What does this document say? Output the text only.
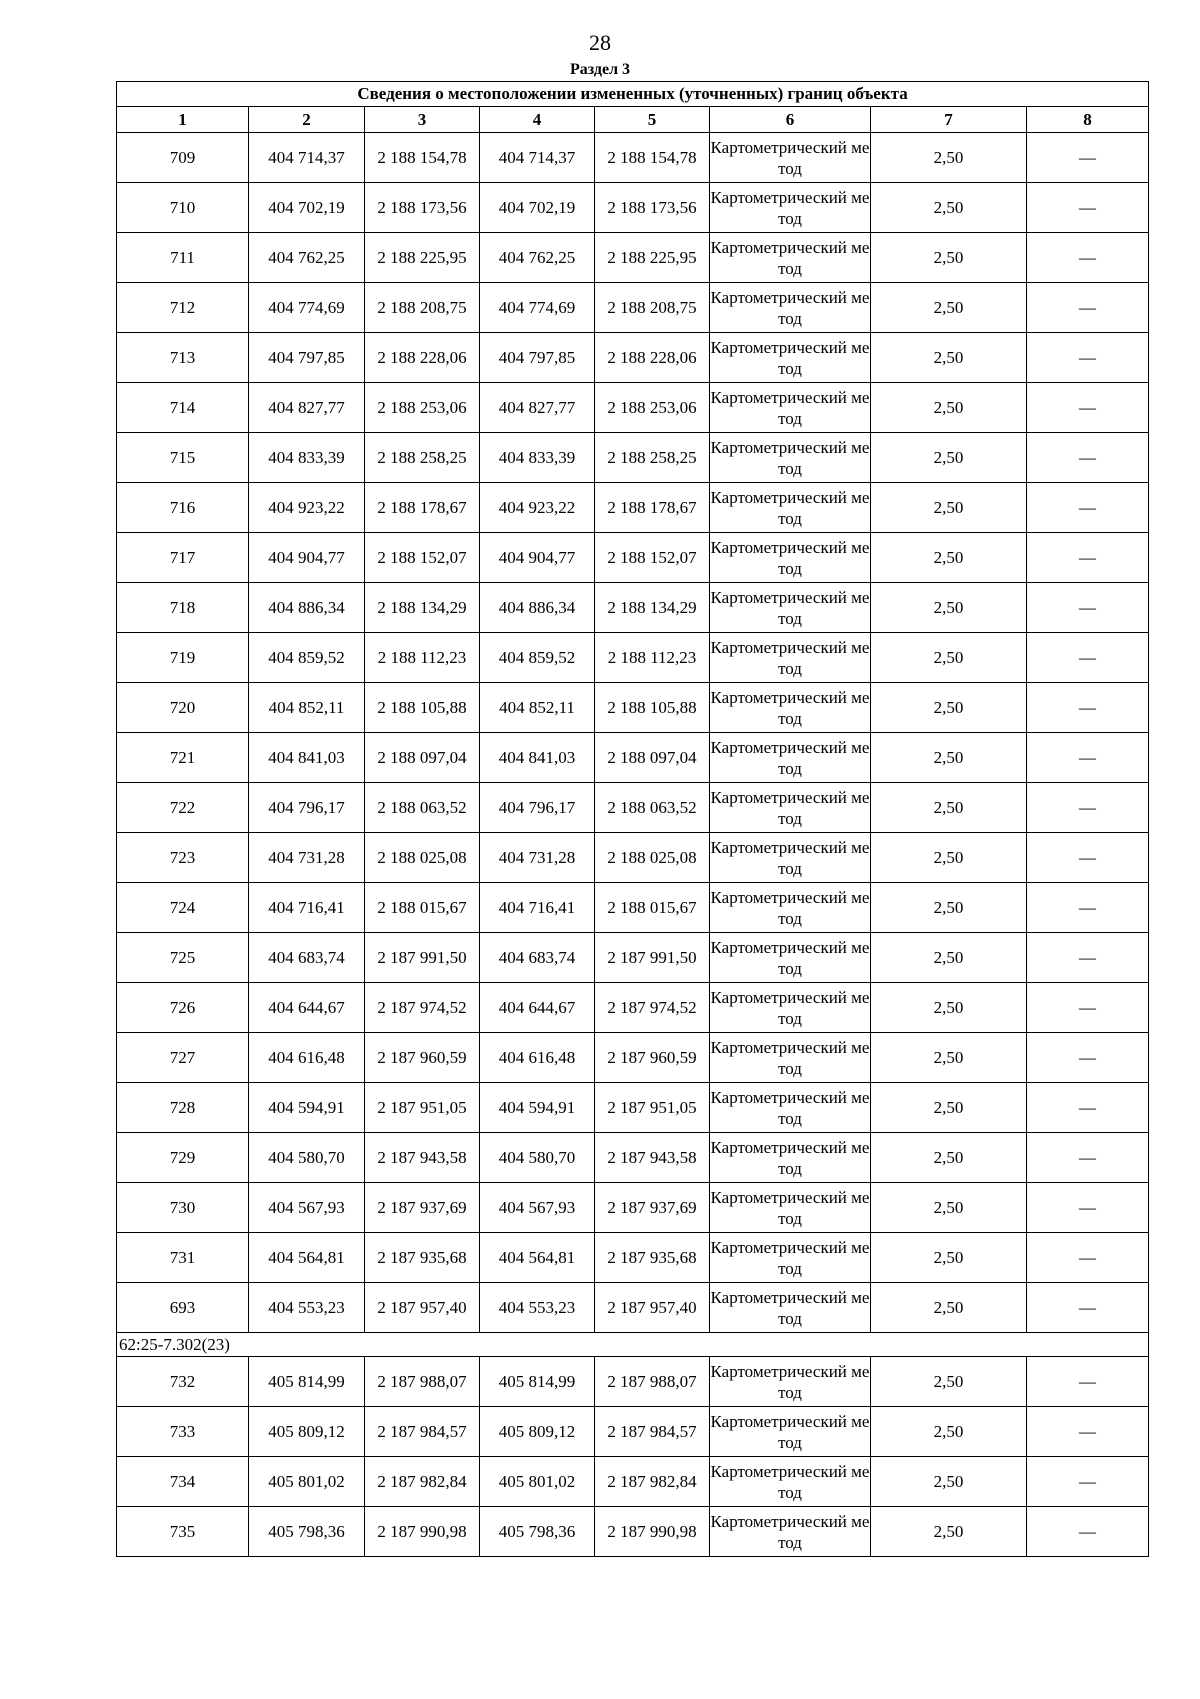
28
Раздел 3
Сведения о местоположении измененных (уточненных) границ объекта							
1	2	3	4	5	6	7	8
709	404 714,37	2 188 154,78	404 714,37	2 188 154,78	Картометрический метод	2,50	—
710	404 702,19	2 188 173,56	404 702,19	2 188 173,56	Картометрический метод	2,50	—
711	404 762,25	2 188 225,95	404 762,25	2 188 225,95	Картометрический метод	2,50	—
712	404 774,69	2 188 208,75	404 774,69	2 188 208,75	Картометрический метод	2,50	—
713	404 797,85	2 188 228,06	404 797,85	2 188 228,06	Картометрический метод	2,50	—
714	404 827,77	2 188 253,06	404 827,77	2 188 253,06	Картометрический метод	2,50	—
715	404 833,39	2 188 258,25	404 833,39	2 188 258,25	Картометрический метод	2,50	—
716	404 923,22	2 188 178,67	404 923,22	2 188 178,67	Картометрический метод	2,50	—
717	404 904,77	2 188 152,07	404 904,77	2 188 152,07	Картометрический метод	2,50	—
718	404 886,34	2 188 134,29	404 886,34	2 188 134,29	Картометрический метод	2,50	—
719	404 859,52	2 188 112,23	404 859,52	2 188 112,23	Картометрический метод	2,50	—
720	404 852,11	2 188 105,88	404 852,11	2 188 105,88	Картометрический метод	2,50	—
721	404 841,03	2 188 097,04	404 841,03	2 188 097,04	Картометрический метод	2,50	—
722	404 796,17	2 188 063,52	404 796,17	2 188 063,52	Картометрический метод	2,50	—
723	404 731,28	2 188 025,08	404 731,28	2 188 025,08	Картометрический метод	2,50	—
724	404 716,41	2 188 015,67	404 716,41	2 188 015,67	Картометрический метод	2,50	—
725	404 683,74	2 187 991,50	404 683,74	2 187 991,50	Картометрический метод	2,50	—
726	404 644,67	2 187 974,52	404 644,67	2 187 974,52	Картометрический метод	2,50	—
727	404 616,48	2 187 960,59	404 616,48	2 187 960,59	Картометрический метод	2,50	—
728	404 594,91	2 187 951,05	404 594,91	2 187 951,05	Картометрический метод	2,50	—
729	404 580,70	2 187 943,58	404 580,70	2 187 943,58	Картометрический метод	2,50	—
730	404 567,93	2 187 937,69	404 567,93	2 187 937,69	Картометрический метод	2,50	—
731	404 564,81	2 187 935,68	404 564,81	2 187 935,68	Картометрический метод	2,50	—
693	404 553,23	2 187 957,40	404 553,23	2 187 957,40	Картометрический метод	2,50	—
62:25-7.302(23)							
732	405 814,99	2 187 988,07	405 814,99	2 187 988,07	Картометрический метод	2,50	—
733	405 809,12	2 187 984,57	405 809,12	2 187 984,57	Картометрический метод	2,50	—
734	405 801,02	2 187 982,84	405 801,02	2 187 982,84	Картометрический метод	2,50	—
735	405 798,36	2 187 990,98	405 798,36	2 187 990,98	Картометрический метод	2,50	—
